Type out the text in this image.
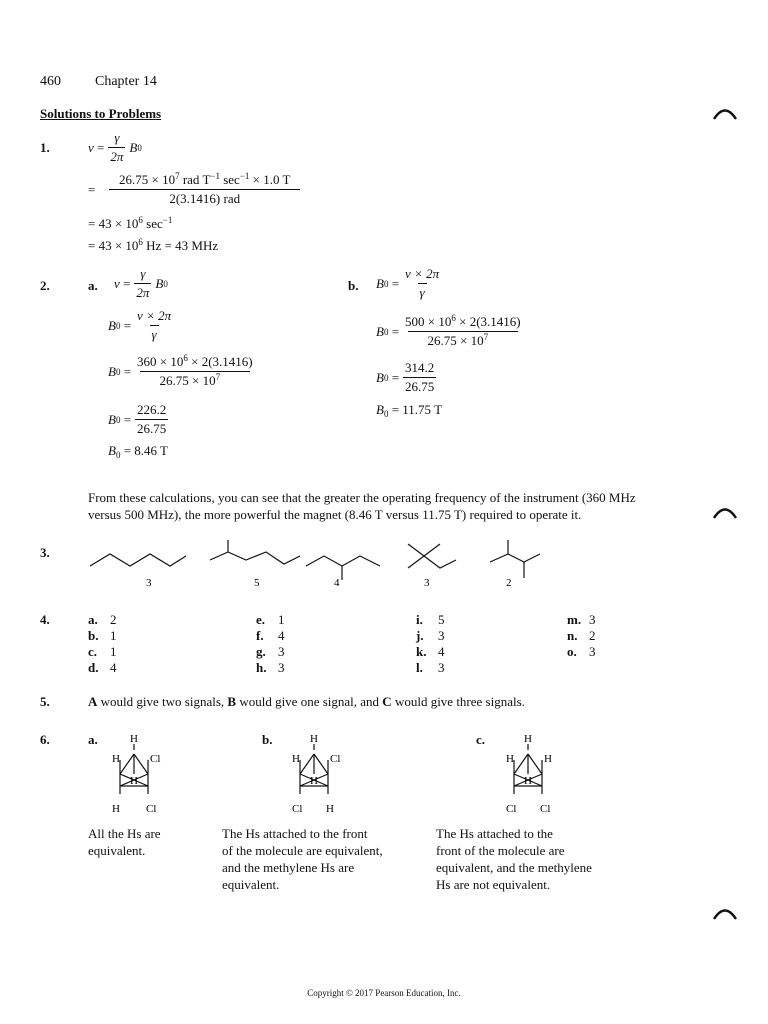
460 Chapter 14
Solutions to Problems
1.	ν
= $\frac{\gamma}{2\pi}$ B 0
= $\frac{26.75 \times 10^7 rad T^{-1} \sec^{-1} \times 1.0 T}{\text{2(3.1416) rad}}$
= $43 \times 10^6$ $\sec^{-1}$
= $43 \times 10^6$ Hz = 43 MHz
2.	a. $\nu = \frac{\gamma}{2\pi}$ B 0
B $0 = \frac{\nu \times 2\pi}{\gamma}$
B $0 = \frac{360 \times 10^6 \times 2(3.1416)}{26.75 \times 10^7}$
B $0 = \frac{226.2}{26.75}$
$B_0 = 8.46$ T
b. B $0 = \frac{\nu \times 2\pi}{\gamma}$
B $0 = \frac{500 \times 10^6 \times 2(3.1416)}{26.75 \times 10^7}$
B $0 = \frac{314.2}{26.75}$
$B_0 = 11.75$ T
From these calculations, you can see that the greater the operating frequency of the instrument (360 MHz
versus 500 MHz), the more powerful the magnet (8.46 T versus 11.75 T) required to operate it.
3.
3	5	4	3	2
4.	a. 2
b. 1
c. 1
d. 4
e. 1
f. 4
g. 3
h. 3
i. 5
j. 3
k. 4
l. 3
m. 3
n. 2
o. 3
5.	A would give two signals, B would give one signal, and C would give three signals.
6.	a.	H
H	Cl
H
H Cl
All the Hs are
equivalent.
b.	H
H	Cl
H
Cl H
The Hs attached to the front
of the molecule are equivalent,
and the methylene Hs are
equivalent.
c.	H
H	H
H
Cl Cl
The Hs attached to the
front of the molecule are
equivalent, and the methylene
Hs are not equivalent.
Copyright © 2017 Pearson Education, Inc.
